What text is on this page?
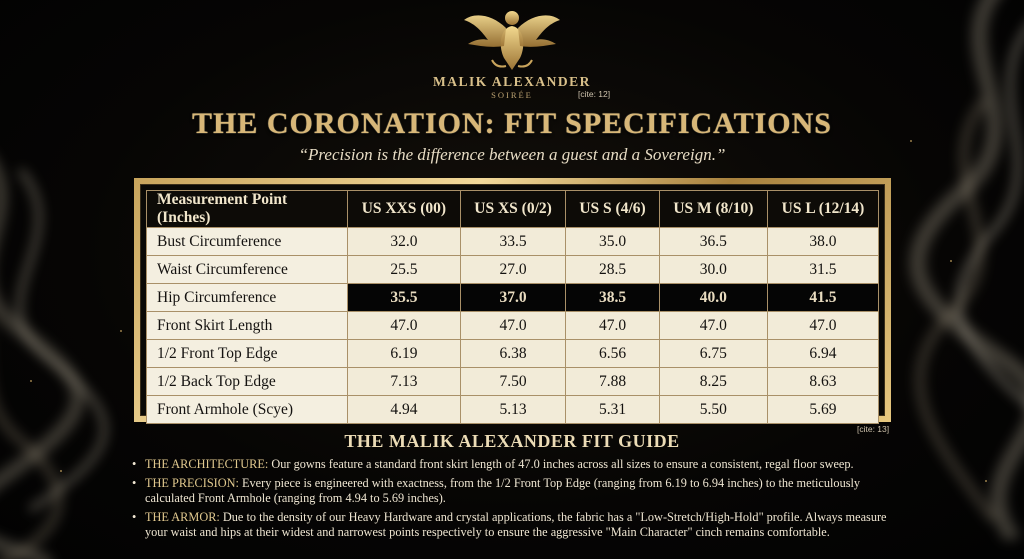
MALIK ALEXANDER
SOIRÉE	[cite: 12]
THE CORONATION: FIT SPECIFICATIONS
“Precision is the difference between a guest and a Sovereign.”
Measurement Point (Inches)	US XXS (00)	US XS (0/2)	US S (4/6)	US M (8/10)	US L (12/14)
Bust Circumference	32.0	33.5	35.0	36.5	38.0
Waist Circumference	25.5	27.0	28.5	30.0	31.5
Hip Circumference	35.5	37.0	38.5	40.0	41.5
Front Skirt Length	47.0	47.0	47.0	47.0	47.0
1/2 Front Top Edge	6.19	6.38	6.56	6.75	6.94
1/2 Back Top Edge	7.13	7.50	7.88	8.25	8.63
Front Armhole (Scye)	4.94	5.13	5.31	5.50	5.69
[cite: 13]
THE MALIK ALEXANDER FIT GUIDE
• THE ARCHITECTURE: Our gowns feature a standard front skirt length of 47.0 inches across all sizes to ensure a consistent, regal floor sweep.
• THE PRECISION: Every piece is engineered with exactness, from the 1/2 Front Top Edge (ranging from 6.19 to 6.94 inches) to the meticulously calculated Front Armhole (ranging from 4.94 to 5.69 inches).
• THE ARMOR: Due to the density of our Heavy Hardware and crystal applications, the fabric has a "Low-Stretch/High-Hold" profile. Always measure your waist and hips at their widest and narrowest points respectively to ensure the aggressive "Main Character" cinch remains comfortable.
